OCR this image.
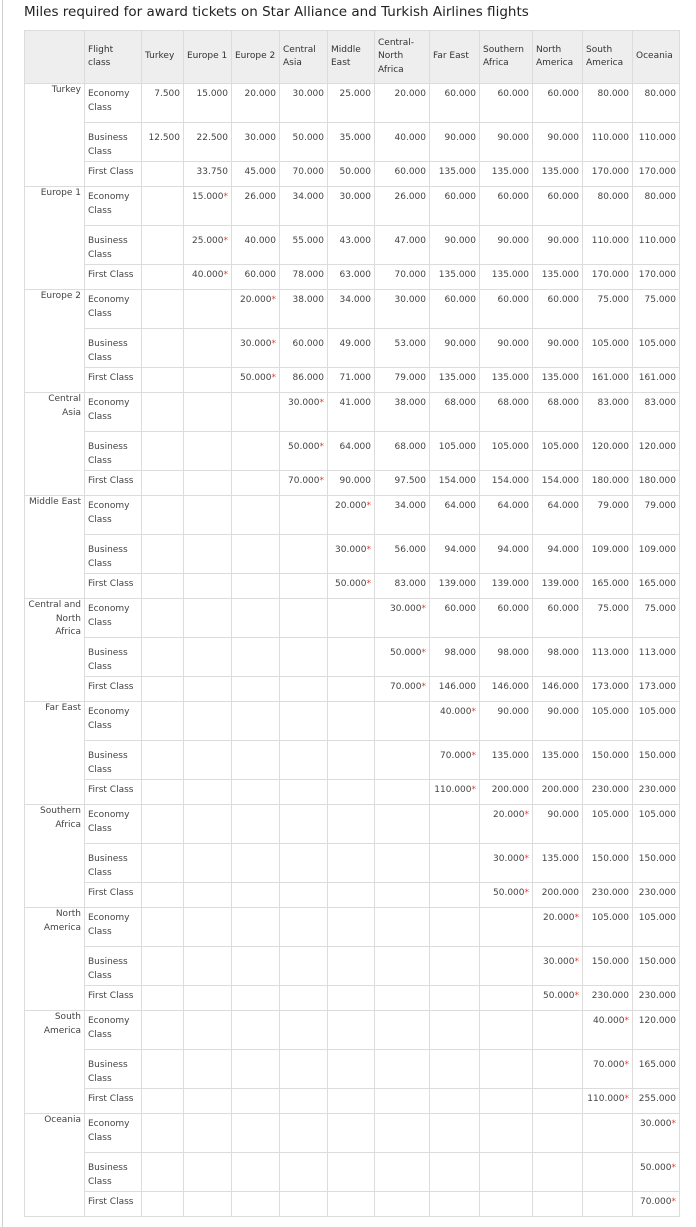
Miles required for award tickets on Star Alliance and Turkish Airlines flights
	Flight class	Turkey	Europe 1	Europe 2	Central Asia	Middle East	Central-North Africa	Far East	Southern Africa	North America	South America	Oceania
Turkey	Economy Class	7.500	15.000	20.000	30.000	25.000	20.000	60.000	60.000	60.000	80.000	80.000
	Business Class	12.500	22.500	30.000	50.000	35.000	40.000	90.000	90.000	90.000	110.000	110.000
	First Class		33.750	45.000	70.000	50.000	60.000	135.000	135.000	135.000	170.000	170.000
Europe 1	Economy Class		15.000*	26.000	34.000	30.000	26.000	60.000	60.000	60.000	80.000	80.000
	Business Class		25.000*	40.000	55.000	43.000	47.000	90.000	90.000	90.000	110.000	110.000
	First Class		40.000*	60.000	78.000	63.000	70.000	135.000	135.000	135.000	170.000	170.000
Europe 2	Economy Class			20.000*	38.000	34.000	30.000	60.000	60.000	60.000	75.000	75.000
	Business Class			30.000*	60.000	49.000	53.000	90.000	90.000	90.000	105.000	105.000
	First Class			50.000*	86.000	71.000	79.000	135.000	135.000	135.000	161.000	161.000
Central Asia	Economy Class				30.000*	41.000	38.000	68.000	68.000	68.000	83.000	83.000
	Business Class				50.000*	64.000	68.000	105.000	105.000	105.000	120.000	120.000
	First Class				70.000*	90.000	97.500	154.000	154.000	154.000	180.000	180.000
Middle East	Economy Class					20.000*	34.000	64.000	64.000	64.000	79.000	79.000
	Business Class					30.000*	56.000	94.000	94.000	94.000	109.000	109.000
	First Class					50.000*	83.000	139.000	139.000	139.000	165.000	165.000
Central and North Africa	Economy Class						30.000*	60.000	60.000	60.000	75.000	75.000
	Business Class						50.000*	98.000	98.000	98.000	113.000	113.000
	First Class						70.000*	146.000	146.000	146.000	173.000	173.000
Far East	Economy Class							40.000*	90.000	90.000	105.000	105.000
	Business Class							70.000*	135.000	135.000	150.000	150.000
	First Class							110.000*	200.000	200.000	230.000	230.000
Southern Africa	Economy Class								20.000*	90.000	105.000	105.000
	Business Class								30.000*	135.000	150.000	150.000
	First Class								50.000*	200.000	230.000	230.000
North America	Economy Class									20.000*	105.000	105.000
	Business Class									30.000*	150.000	150.000
	First Class									50.000*	230.000	230.000
South America	Economy Class										40.000*	120.000
	Business Class										70.000*	165.000
	First Class										110.000*	255.000
Oceania	Economy Class											30.000*
	Business Class											50.000*
	First Class											70.000*
